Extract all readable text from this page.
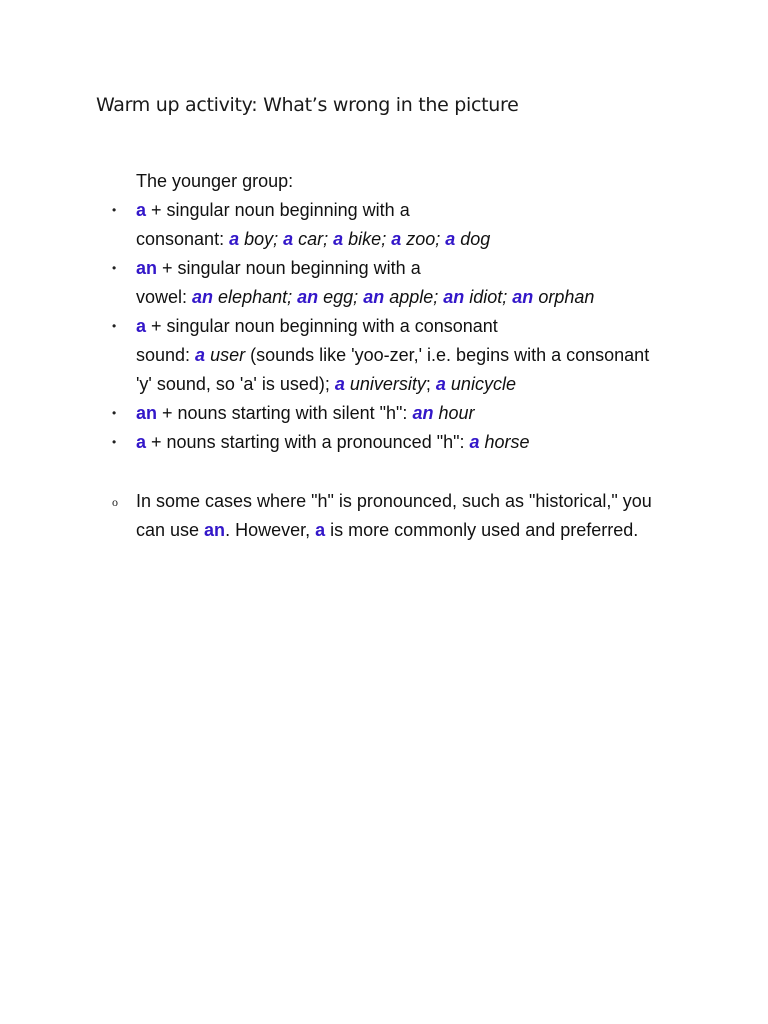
Warm up activity: What’s wrong in the picture
The younger group:
• a + singular noun beginning with a
consonant: a boy; a car; a bike; a zoo; a dog
• an + singular noun beginning with a
vowel: an elephant; an egg; an apple; an idiot; an orphan
• a + singular noun beginning with a consonant
sound: a user (sounds like 'yoo-zer,' i.e. begins with a consonant
'y' sound, so 'a' is used); a university; a unicycle
• an + nouns starting with silent "h": an hour
• a + nouns starting with a pronounced "h": a horse
o In some cases where "h" is pronounced, such as "historical," you
can use an. However, a is more commonly used and preferred.
